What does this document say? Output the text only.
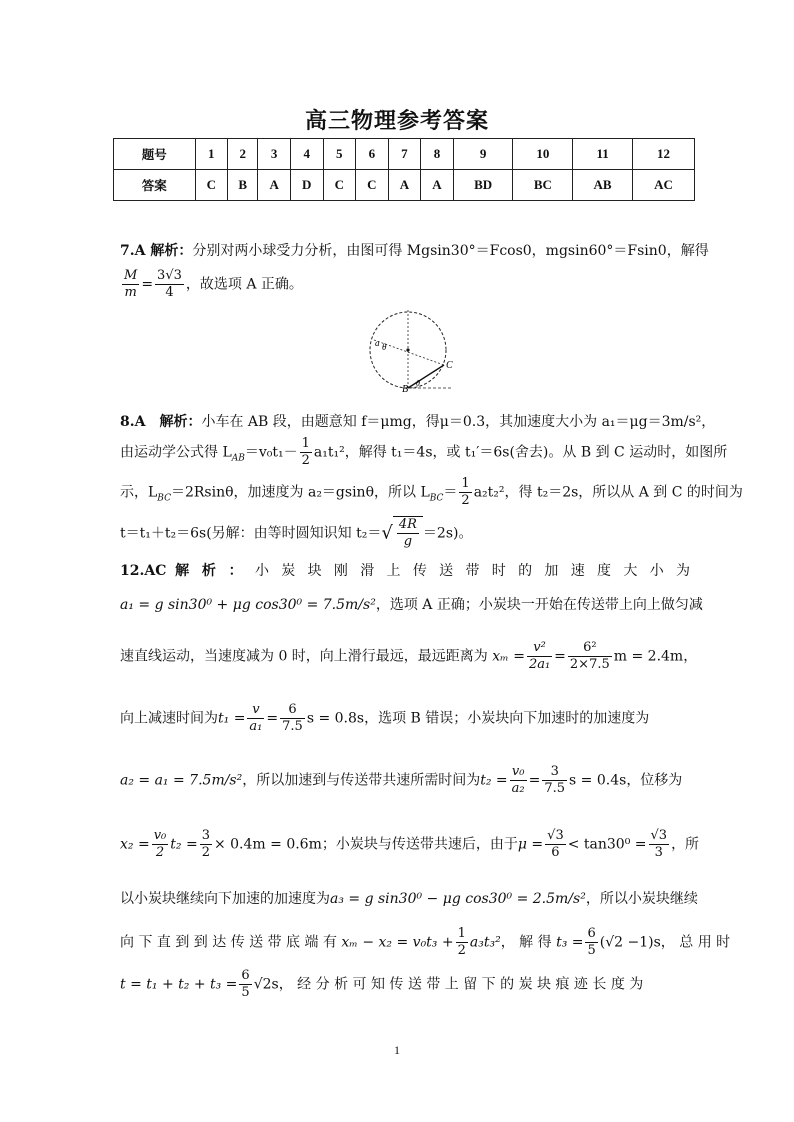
高三物理参考答案
题号	1	2	3	4	5	6	7	8	9	10	11	12
答案	C	B	A	D	C	C	A	A	BD	BC	AB	AC
7.A 解析：分别对两小球受力分析，由图可得 Mgsin30°＝Fcos0，mgsin60°＝Fsin0，解得
$\frac{M}{m} = \frac{3√3}{4}$ ，故选项 A 正确。
a θ
C
B
θ
8.A　解析：小车在 AB 段，由题意知 f＝μmg，得μ＝0.3，其加速度大小为 a₁＝μg＝3m/s²，
由运动学公式得 $L_{AB}=v_0t_1- \frac{1}{2} a_1t_1^2$，解得 t₁＝4s，或 t₁′＝6s(舍去)。从 B 到 C 运动时，如图所
示，$L_{BC}=2Rsin\theta$，加速度为 a₂＝gsinθ，所以 $L_{BC}= \frac{1}{2} a_2t_2^2$，得 t₂＝2s，所以从 A 到 C 的时间为
t＝t₁＋t₂＝6s(另解：由等时圆知识知 $t_2=√ \frac{4R}{g} =2s$)。
12.AC 解 析 ： 小 炭 块 刚 滑 上 传 送 带 时 的 加 速 度 大 小 为
a₁ = g sin30⁰ + μg cos30⁰ = 7.5m/s²，选项 A 正确；小炭块一开始在传送带上向上做匀减
速直线运动，当速度减为 0 时，向上滑行最远，最远距离为 $x_m = \frac{\text{v²}}{\text{2a₁}} = \frac{\text{6²}}{2\times 7.5}$ m = 2.4m，
向上减速时间为$t_1 = \frac{v}{\text{a₁}} = \frac{6}{7.5}$ s = 0.8s，选项 B 错误；小炭块向下加速时的加速度为
a₂ = a₁ = 7.5m/s²，所以加速到与传送带共速所需时间为$t_2 = \frac{\text{v₀}}{\text{a₂}} = \frac{3}{7.5}$ s = 0.4s，位移为
$x_2 = \frac{\text{v₀}}{2} t_2 = \frac{3}{2} \times 0.4m = 0.6m$；小炭块与传送带共速后，由于$\mu = \frac{√3}{6} < \tan 30^0 = \frac{√3}{3}$ ，所
以小炭块继续向下加速的加速度为a₃ = g sin30⁰ − μg cos30⁰ = 2.5m/s²，所以小炭块继续
向 下 直 到 到 达 传 送 带 底 端 有 $x_m - x_2 = v_0t_3 + \frac{1}{2} a_3t_3^2$， 解 得 $t_3 = \frac{6}{5} (√2 -1)s$， 总 用 时
$t = t_1 + t_2 + t_3 = \frac{6}{5} √2s$， 经 分 析 可 知 传 送 带 上 留 下 的 炭 块 痕 迹 长 度 为
1
